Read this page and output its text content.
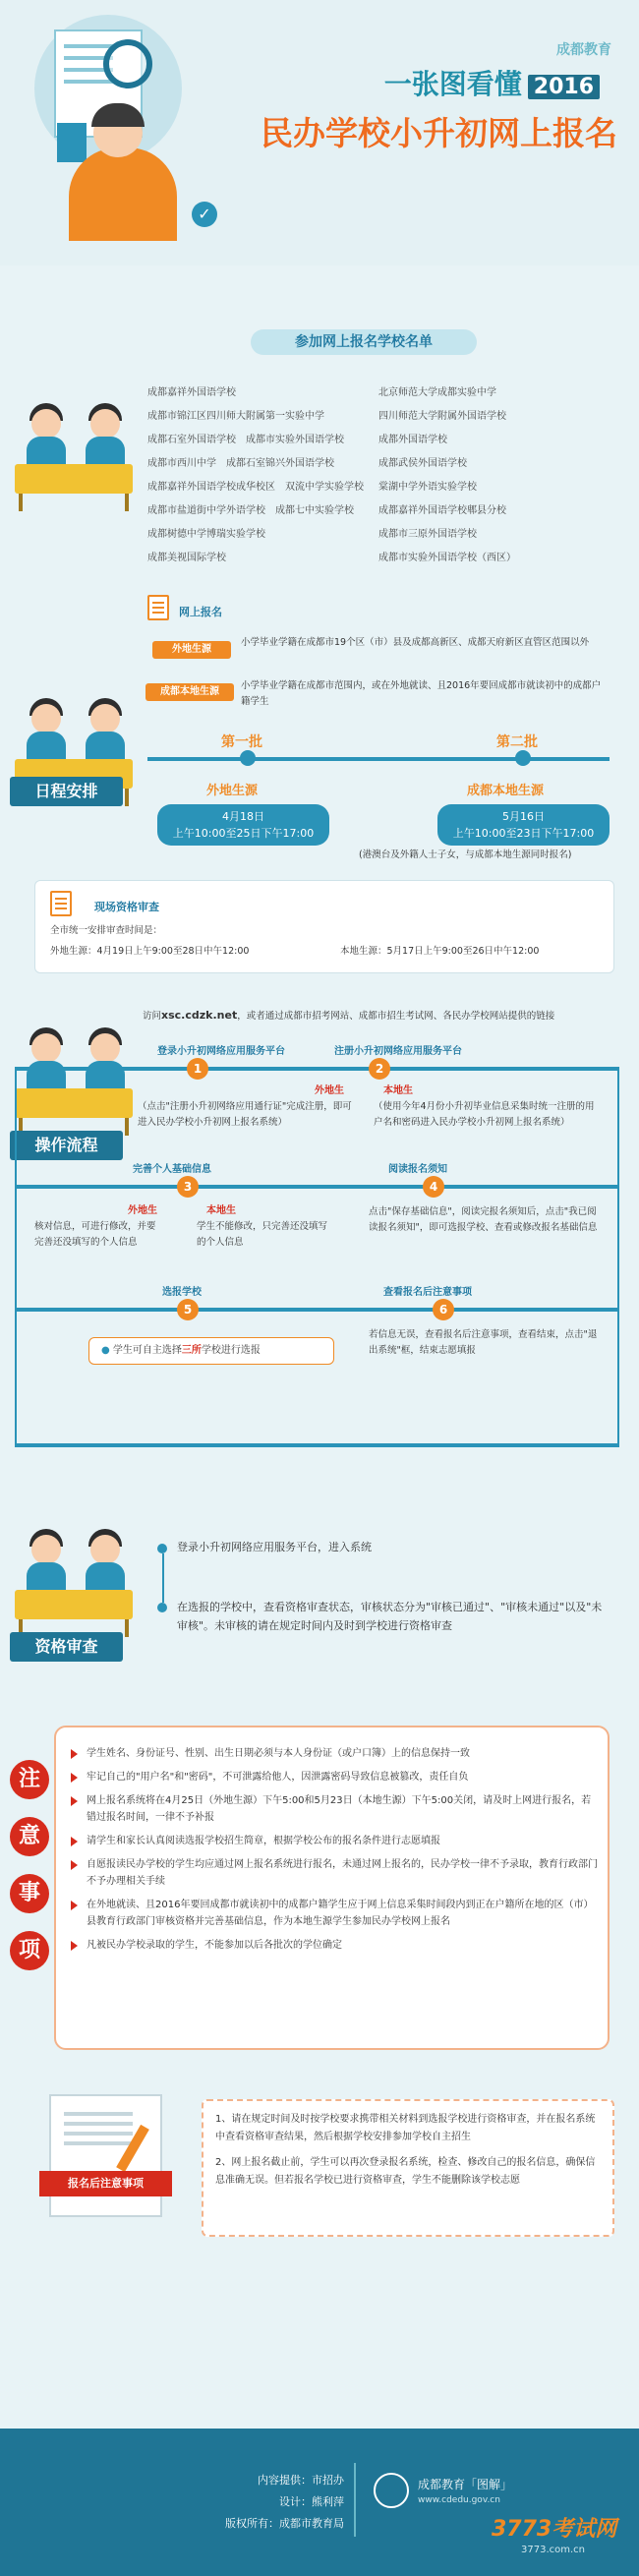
✓
成都教育
一张图看懂 2016
民办学校小升初网上报名
参加网上报名学校名单
成都嘉祥外国语学校	北京师范大学成都实验中学
成都市锦江区四川师大附属第一实验中学	四川师范大学附属外国语学校
成都石室外国语学校　成都市实验外国语学校	成都外国语学校
成都市西川中学　成都石室锦兴外国语学校	成都武侯外国语学校
成都嘉祥外国语学校成华校区　双流中学实验学校	棠湖中学外语实验学校
成都市盐道街中学外语学校　成都七中实验学校	成都嘉祥外国语学校郫县分校
成都树德中学博瑞实验学校	成都市三原外国语学校
成都美视国际学校	成都市实验外国语学校（西区）
日程安排
网上报名
外地生源
小学毕业学籍在成都市19个区（市）县及成都高新区、成都天府新区直管区范围以外
成都本地生源
小学毕业学籍在成都市范围内，或在外地就读、且2016年要回成都市就读初中的成都户籍学生
第一批	第二批
外地生源	成都本地生源
4月18日
上午10:00至25日下午17:00
5月16日
上午10:00至23日下午17:00
(港澳台及外籍人士子女，与成都本地生源同时报名)
现场资格审查
全市统一安排审查时间是：
外地生源：4月19日上午9:00至28日中午12:00	本地生源：5月17日上午9:00至26日中午12:00
操作流程
访问xsc.cdzk.net，或者通过成都市招考网站、成都市招生考试网、各民办学校网站提供的链接
登录小升初网络应用服务平台	注册小升初网络应用服务平台
1	2
外地生	本地生
（点击"注册小升初网络应用通行证"完成注册，即可进入民办学校小升初网上报名系统）
（使用今年4月份小升初毕业信息采集时统一注册的用户名和密码进入民办学校小升初网上报名系统）
完善个人基础信息	阅读报名须知
3	4
外地生	本地生
核对信息，可进行修改，并要完善还没填写的个人信息
学生不能修改，只完善还没填写的个人信息
点击"保存基础信息"，阅读完报名须知后，点击"我已阅读报名须知"，即可选报学校、查看或修改报名基础信息
选报学校	查看报名后注意事项
5	6
● 学生可自主选择三所学校进行选报
若信息无误，查看报名后注意事项，查看结束，点击"退出系统"框，结束志愿填报
资格审查
登录小升初网络应用服务平台，进入系统
在选报的学校中，查看资格审查状态，审核状态分为"审核已通过"、"审核未通过"以及"未审核"。未审核的请在规定时间内及时到学校进行资格审查
注
意
事
项
学生姓名、身份证号、性别、出生日期必须与本人身份证（或户口簿）上的信息保持一致
牢记自己的"用户名"和"密码"，不可泄露给他人，因泄露密码导致信息被篡改，责任自负
网上报名系统将在4月25日（外地生源）下午5:00和5月23日（本地生源）下午5:00关闭，请及时上网进行报名，若错过报名时间，一律不予补报
请学生和家长认真阅读选报学校招生简章，根据学校公布的报名条件进行志愿填报
自愿报读民办学校的学生均应通过网上报名系统进行报名，未通过网上报名的，民办学校一律不予录取，教育行政部门不予办理相关手续
在外地就读、且2016年要回成都市就读初中的成都户籍学生应于网上信息采集时间段内到正在户籍所在地的区（市）县教育行政部门审核资格并完善基础信息，作为本地生源学生参加民办学校网上报名
凡被民办学校录取的学生，不能参加以后各批次的学位确定
报名后注意事项
1、请在规定时间及时按学校要求携带相关材料到选报学校进行资格审查，并在报名系统中查看资格审查结果，然后根据学校安排参加学校自主招生
2、网上报名截止前，学生可以再次登录报名系统，检查、修改自己的报名信息，确保信息准确无误。但若报名学校已进行资格审查，学生不能删除该学校志愿
内容提供：市招办
设计：熊利萍
版权所有：成都市教育局
成都教育「图解」
www.cdedu.gov.cn
3773考试网
3773.com.cn
